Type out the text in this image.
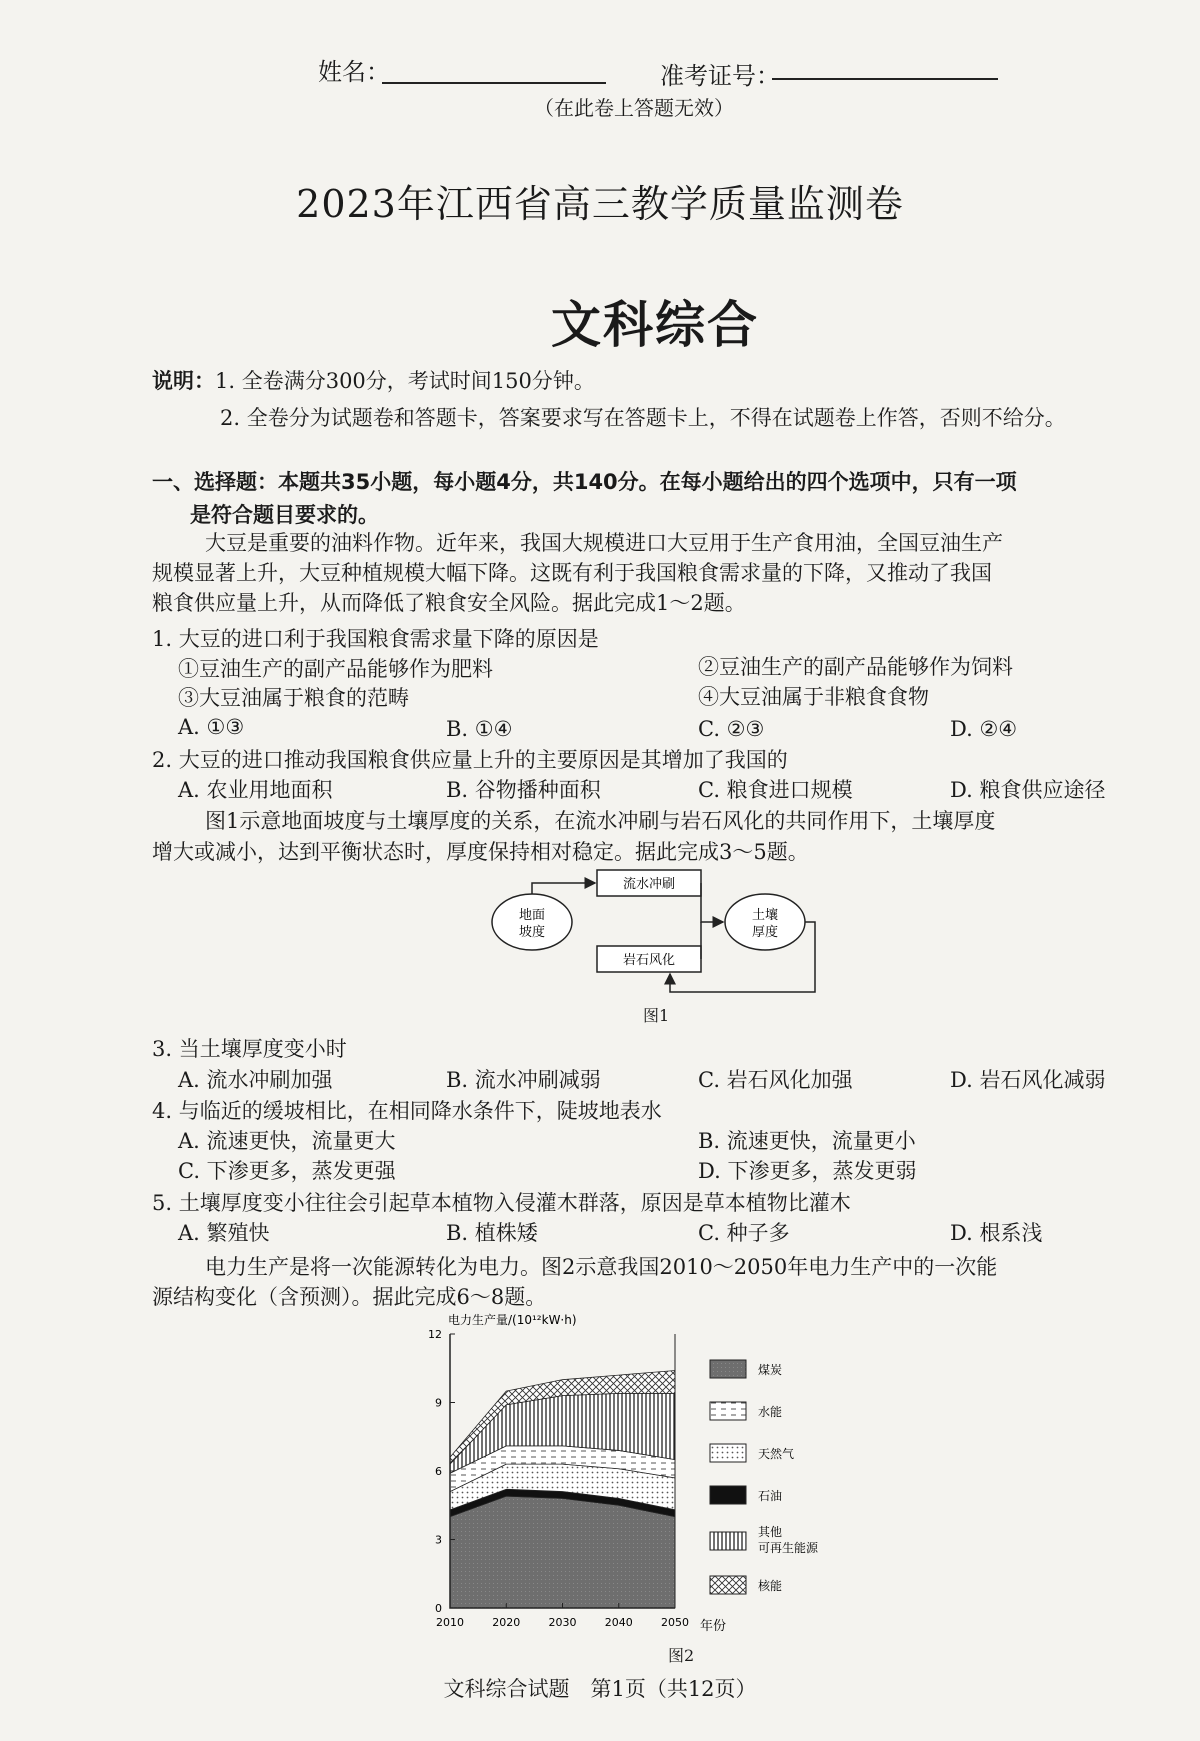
姓名：	准考证号：
（在此卷上答题无效）
2023年江西省高三教学质量监测卷
文科综合
说明：1. 全卷满分300分，考试时间150分钟。
2. 全卷分为试题卷和答题卡，答案要求写在答题卡上，不得在试题卷上作答，否则不给分。
一、选择题：本题共35小题，每小题4分，共140分。在每小题给出的四个选项中，只有一项
是符合题目要求的。
大豆是重要的油料作物。近年来，我国大规模进口大豆用于生产食用油，全国豆油生产
规模显著上升，大豆种植规模大幅下降。这既有利于我国粮食需求量的下降，又推动了我国
粮食供应量上升，从而降低了粮食安全风险。据此完成1～2题。
1. 大豆的进口利于我国粮食需求量下降的原因是
①豆油生产的副产品能够作为肥料	②豆油生产的副产品能够作为饲料
③大豆油属于粮食的范畴	④大豆油属于非粮食食物
A. ①③	B. ①④	C. ②③	D. ②④
2. 大豆的进口推动我国粮食供应量上升的主要原因是其增加了我国的
A. 农业用地面积	B. 谷物播种面积	C. 粮食进口规模	D. 粮食供应途径
图1示意地面坡度与土壤厚度的关系，在流水冲刷与岩石风化的共同作用下，土壤厚度
增大或减小，达到平衡状态时，厚度保持相对稳定。据此完成3～5题。
地面
坡度
流水冲刷
岩石风化
土壤
厚度
图1
3. 当土壤厚度变小时
A. 流水冲刷加强	B. 流水冲刷减弱	C. 岩石风化加强	D. 岩石风化减弱
4. 与临近的缓坡相比，在相同降水条件下，陡坡地表水
A. 流速更快，流量更大	B. 流速更快，流量更小
C. 下渗更多，蒸发更强	D. 下渗更多，蒸发更弱
5. 土壤厚度变小往往会引起草本植物入侵灌木群落，原因是草本植物比灌木
A. 繁殖快	B. 植株矮	C. 种子多	D. 根系浅
电力生产是将一次能源转化为电力。图2示意我国2010～2050年电力生产中的一次能
源结构变化（含预测）。据此完成6～8题。
电力生产量/(10¹²kW·h)
0
3
6
9
12
2010	2020	2030	2040	2050 年份
煤炭
水能
天然气
石油
其他
可再生能源
核能
图2
文科综合试题　第1页（共12页）
